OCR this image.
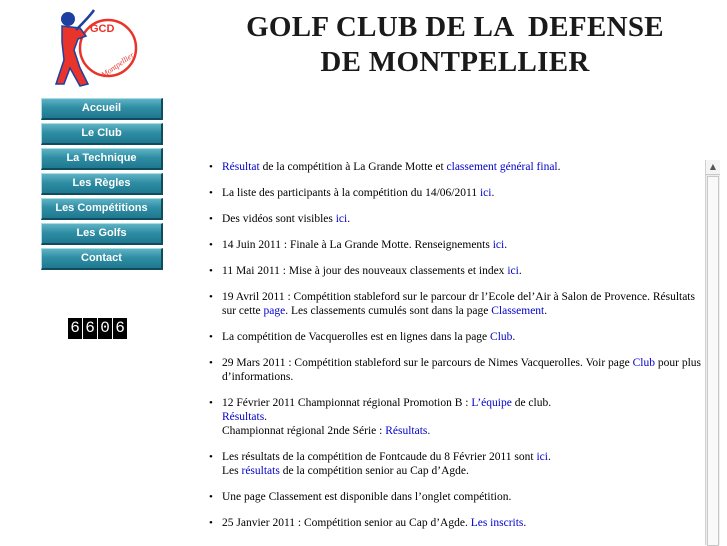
GCD
Montpellier
GOLF CLUB DE LA  DEFENSE
DE MONTPELLIER
Accueil
Le Club
La Technique
Les Règles
Les Compétitions
Les Golfs
Contact
6 6 0 6
• Résultat de la compétition à La Grande Motte et classement général final.
• La liste des participants à la compétition du 14/06/2011 ici.
• Des vidéos sont visibles ici.
• 14 Juin 2011 : Finale à La Grande Motte. Renseignements ici.
• 11 Mai 2011 : Mise à jour des nouveaux classements et index ici.
• 19 Avril 2011 : Compétition stableford sur le parcour dr l’Ecole del’Air à Salon de Provence. Résultats sur cette page. Les classements cumulés sont dans la page Classement.
• La compétition de Vacquerolles est en lignes dans la page Club.
• 29 Mars 2011 : Compétition stableford sur le parcours de Nimes Vacquerolles. Voir page Club pour plus d’informations.
• 12 Février 2011 Championnat régional Promotion B : L’équipe de club.
Résultats.
Championnat régional 2nde Série : Résultats.
• Les résultats de la compétition de Fontcaude du 8 Février 2011 sont ici.
Les résultats de la compétition senior au Cap d’Agde.
• Une page Classement est disponible dans l’onglet compétition.
• 25 Janvier 2011 : Compétition senior au Cap d’Agde. Les inscrits.
▲
